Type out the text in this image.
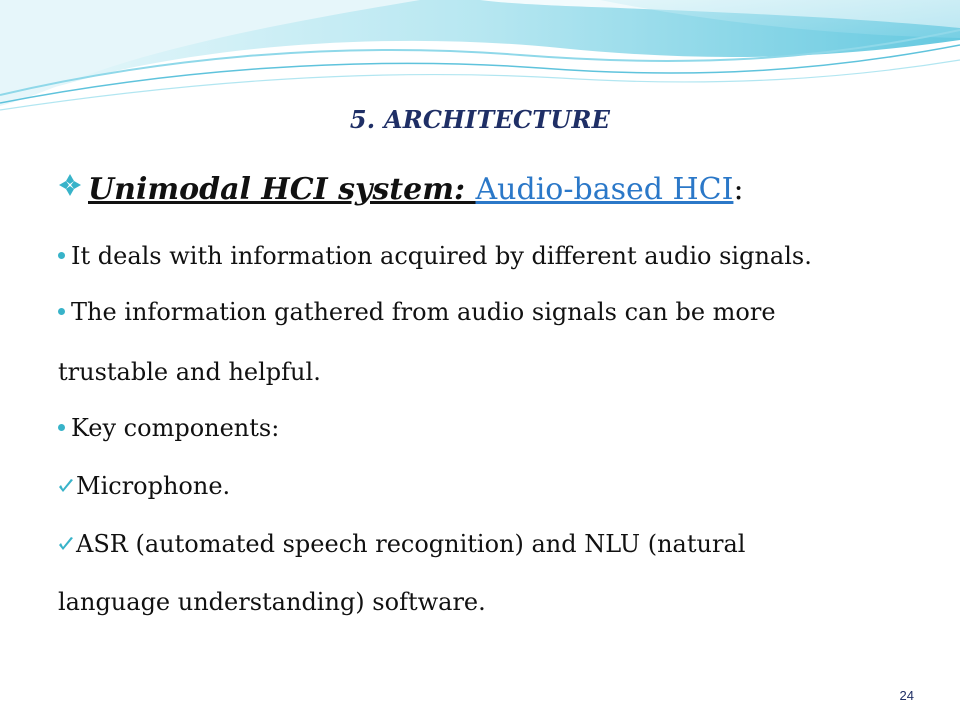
5. ARCHITECTURE
Unimodal HCI system: Audio-based HCI:
It deals with information acquired by different audio signals.
The information gathered from audio signals can be more
trustable and helpful.
Key components:
Microphone.
ASR (automated speech recognition) and NLU (natural
language understanding) software.
24
